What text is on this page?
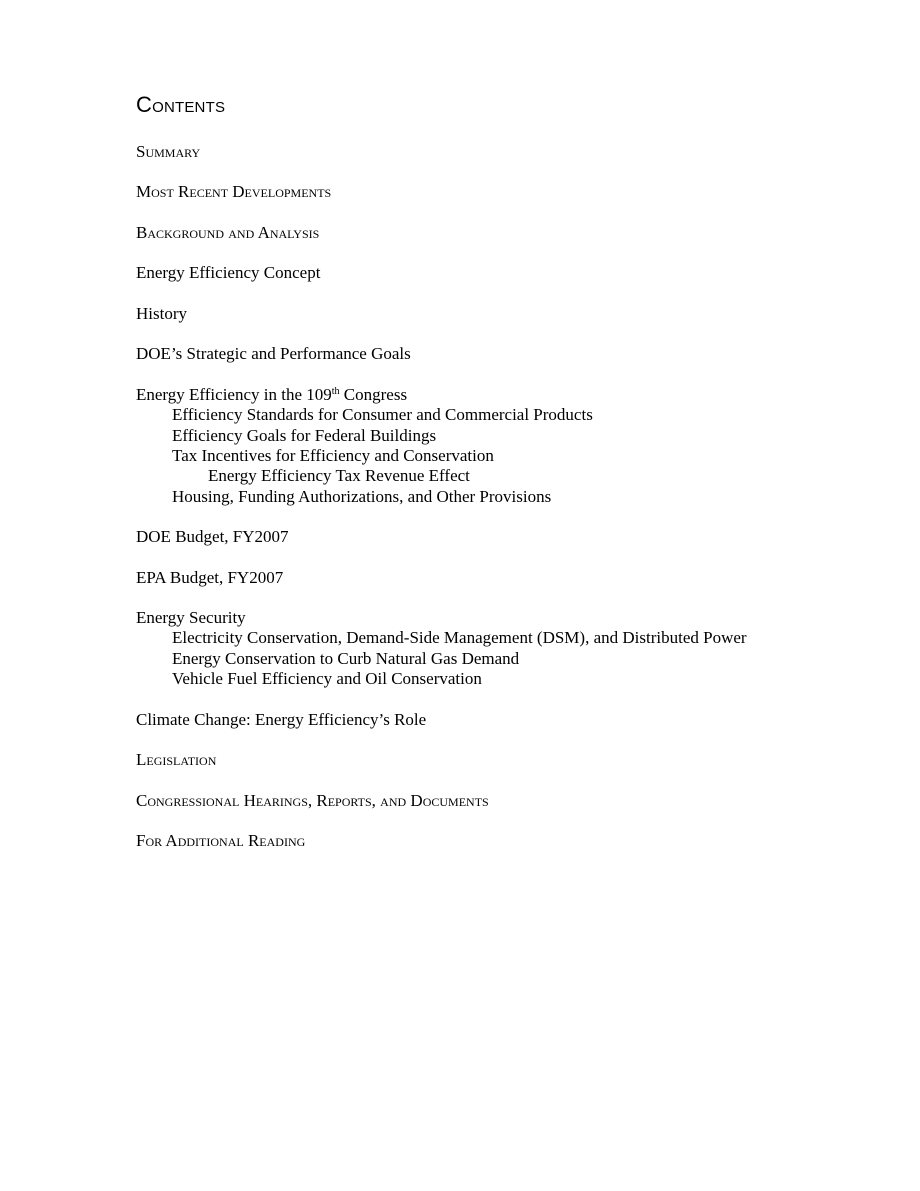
Contents
Summary
Most Recent Developments
Background and Analysis
Energy Efficiency Concept
History
DOE’s Strategic and Performance Goals
Energy Efficiency in the 109th Congress
Efficiency Standards for Consumer and Commercial Products
Efficiency Goals for Federal Buildings
Tax Incentives for Efficiency and Conservation
Energy Efficiency Tax Revenue Effect
Housing, Funding Authorizations, and Other Provisions
DOE Budget, FY2007
EPA Budget, FY2007
Energy Security
Electricity Conservation, Demand-Side Management (DSM), and Distributed Power
Energy Conservation to Curb Natural Gas Demand
Vehicle Fuel Efficiency and Oil Conservation
Climate Change: Energy Efficiency’s Role
Legislation
Congressional Hearings, Reports, and Documents
For Additional Reading
